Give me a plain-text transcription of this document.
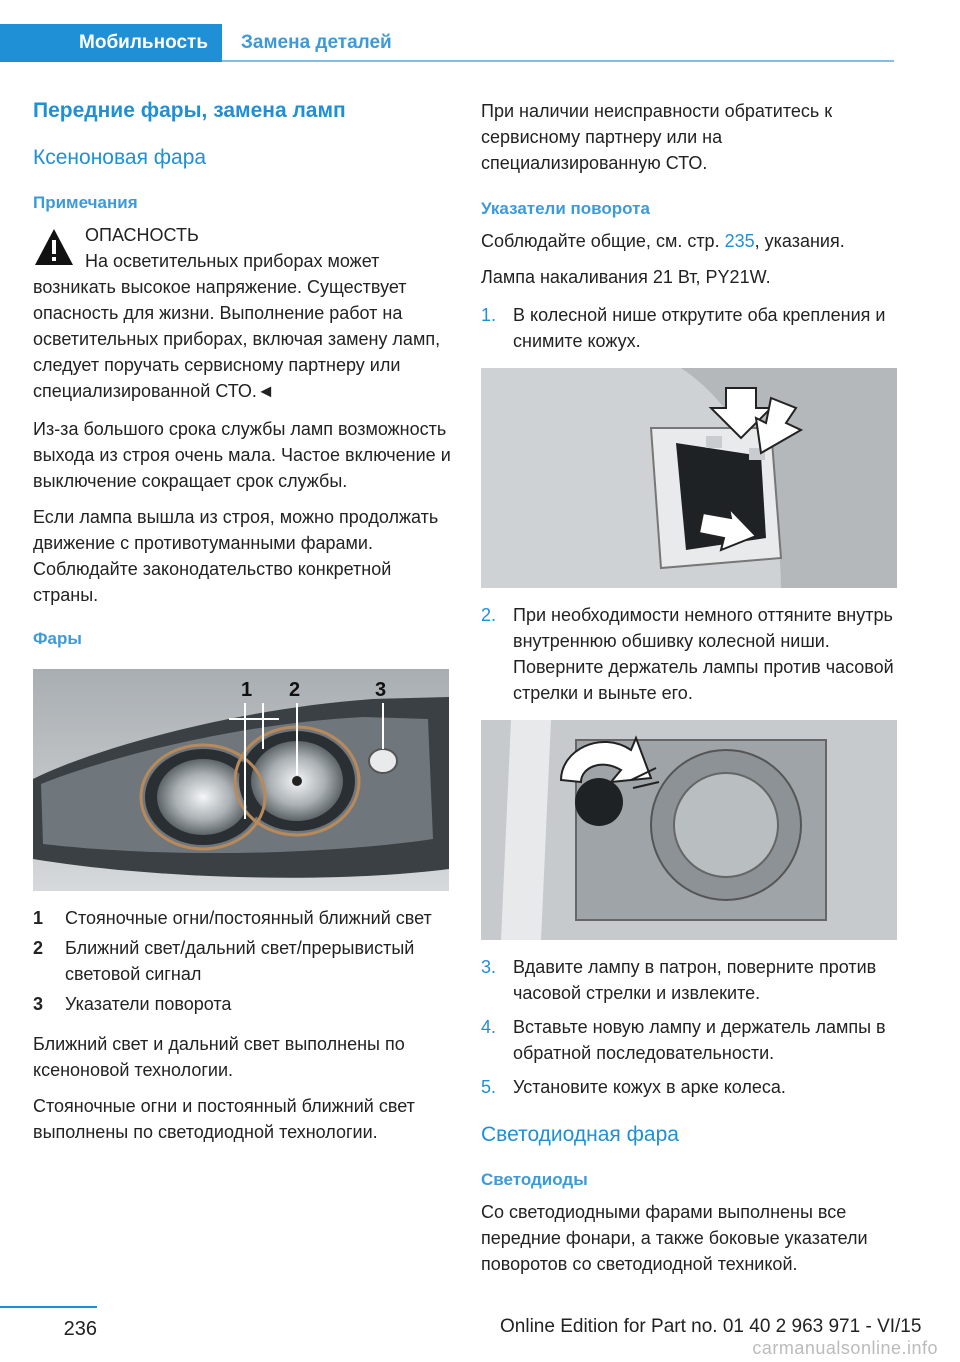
Мобильность	Замена деталей
Передние фары, замена ламп
Ксеноновая фара
Примечания
ОПАСНОСТЬ
На осветительных приборах может возникать высокое напряжение. Существует опасность для жизни. Выполнение работ на осветительных приборах, включая замену ламп, следует поручать сервисному партнеру или специализированной СТО.◄

Из-за большого срока службы ламп возможность выхода из строя очень мала. Частое включение и выключение сокращает срок службы.

Если лампа вышла из строя, можно продолжать движение с противотуманными фарами. Соблюдайте законодательство конкретной страны.

Фары
1 2	3
1	Стояночные огни/постоянный ближний свет
2	Ближний свет/дальний свет/прерывистый световой сигнал
3	Указатели поворота

Ближний свет и дальний свет выполнены по ксеноновой технологии.

Стояночные огни и постоянный ближний свет выполнены по светодиодной технологии.

При наличии неисправности обратитесь к сервисному партнеру или на специализированную СТО.

Указатели поворота

Соблюдайте общие, см. стр. 235, указания.

Лампа накаливания 21 Вт, PY21W.

1. В колесной нише открутите оба крепления и снимите кожух.
2. При необходимости немного оттяните внутрь внутреннюю обшивку колесной ниши. Поверните держатель лампы против часовой стрелки и выньте его.
3. Вдавите лампу в патрон, поверните против часовой стрелки и извлеките.
4. Вставьте новую лампу и держатель лампы в обратной последовательности.
5. Установите кожух в арке колеса.
Светодиодная фара
Светодиоды

Со светодиодными фарами выполнены все передние фонари, а также боковые указатели поворотов со светодиодной техникой.

236	Online Edition for Part no. 01 40 2 963 971 - VI/15
carmanualsonline.info
